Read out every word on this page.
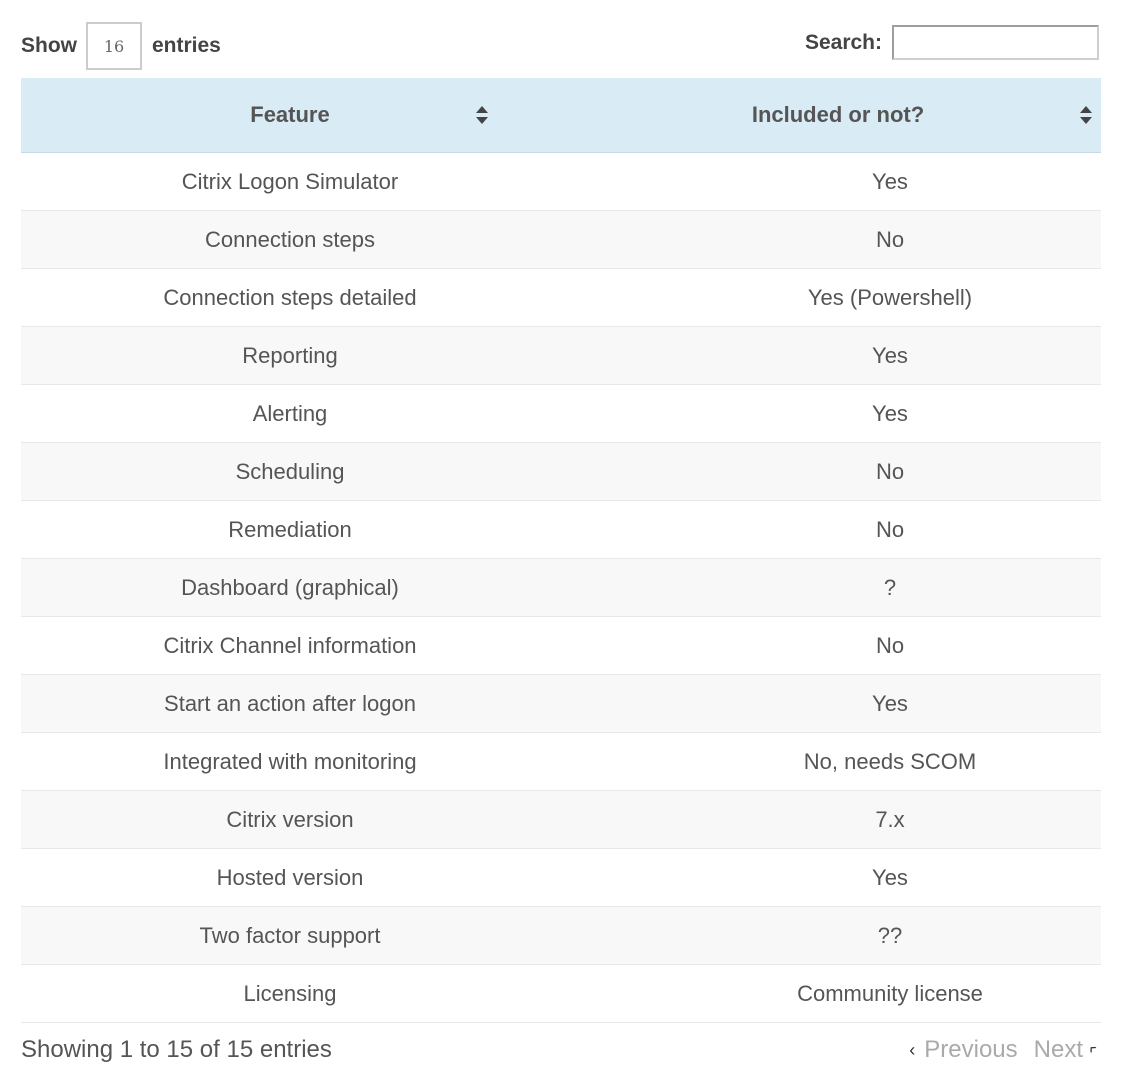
Show	16	entries	Search:
Feature	Included or not?

Citrix Logon Simulator	Yes
Connection steps	No
Connection steps detailed	Yes (Powershell)
Reporting	Yes
Alerting	Yes
Scheduling	No
Remediation	No
Dashboard (graphical)	?
Citrix Channel information	No
Start an action after logon	Yes
Integrated with monitoring	No, needs SCOM
Citrix version	7.x
Hosted version	Yes
Two factor support	??
Licensing	Community license
Showing 1 to 15 of 15 entries	‹ Previous Next ‹
